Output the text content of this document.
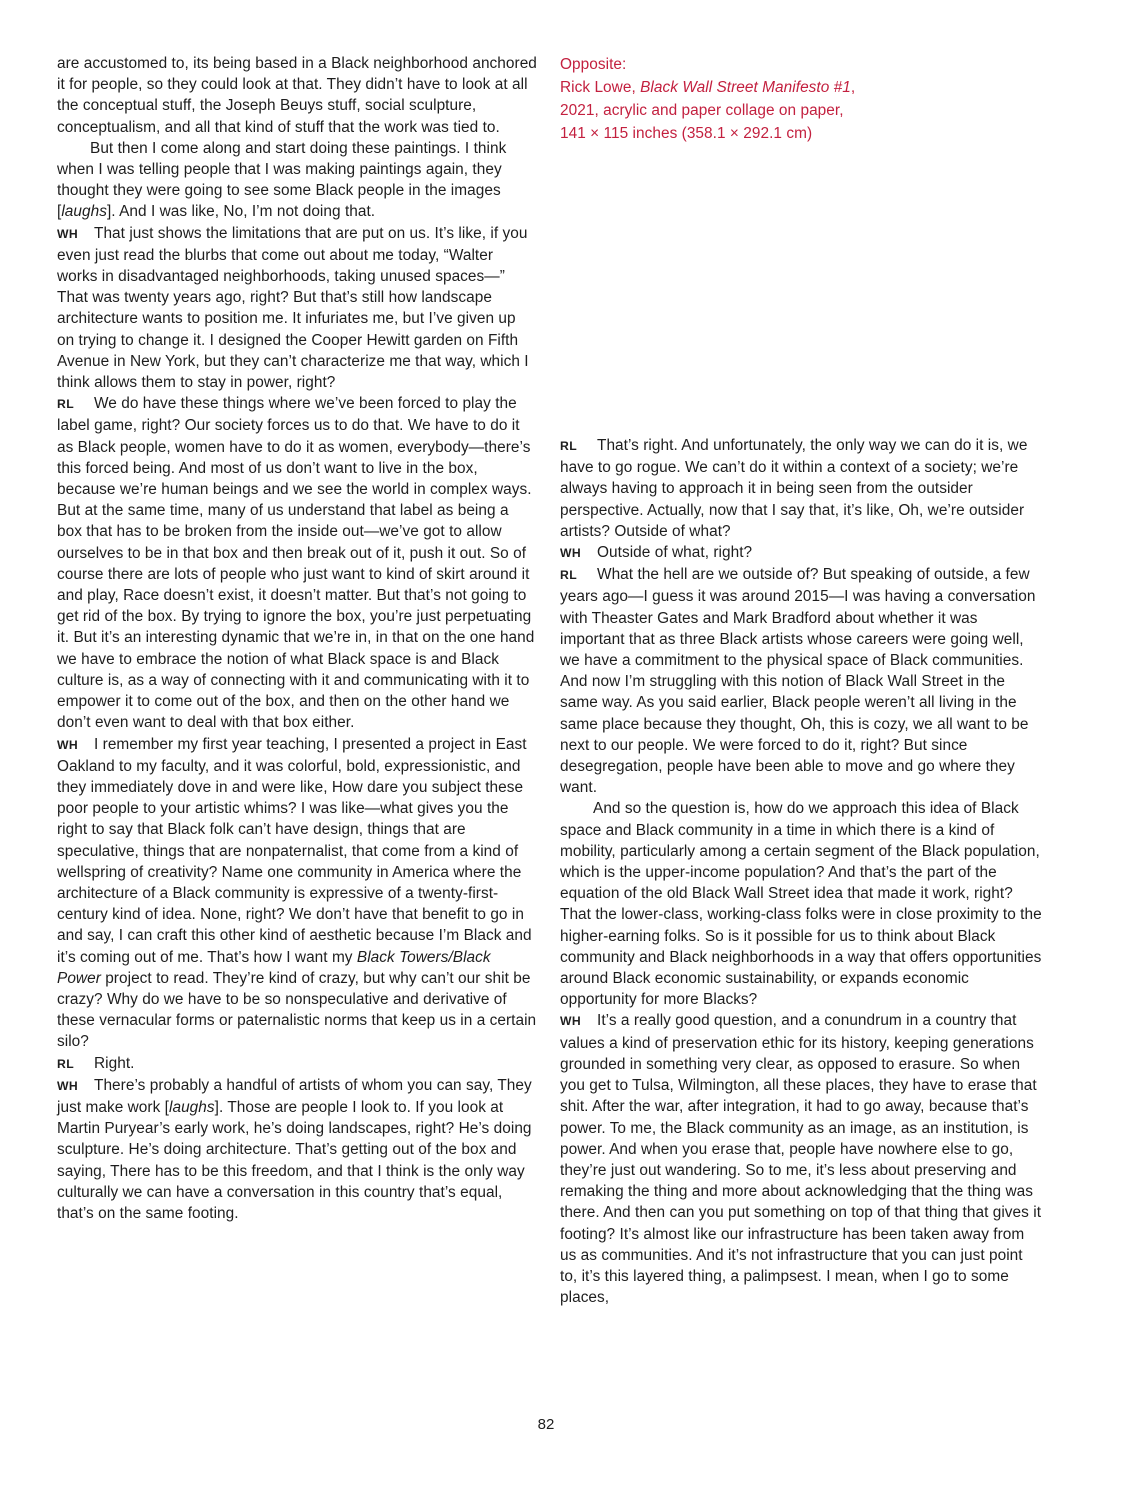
are accustomed to, its being based in a Black neighborhood anchored it for people, so they could look at that. They didn’t have to look at all the conceptual stuff, the Joseph Beuys stuff, social sculpture, conceptualism, and all that kind of stuff that the work was tied to.

But then I come along and start doing these paintings. I think when I was telling people that I was making paintings again, they thought they were going to see some Black people in the images [laughs]. And I was like, No, I’m not doing that.

WH That just shows the limitations that are put on us. It’s like, if you even just read the blurbs that come out about me today, “Walter works in disadvantaged neighborhoods, taking unused spaces—” That was twenty years ago, right? But that’s still how landscape architecture wants to position me. It infuriates me, but I’ve given up on trying to change it. I designed the Cooper Hewitt garden on Fifth Avenue in New York, but they can’t characterize me that way, which I think allows them to stay in power, right?

RL We do have these things where we’ve been forced to play the label game, right? Our society forces us to do that. We have to do it as Black people, women have to do it as women, everybody—there’s this forced being. And most of us don’t want to live in the box, because we’re human beings and we see the world in complex ways. But at the same time, many of us understand that label as being a box that has to be broken from the inside out—we’ve got to allow ourselves to be in that box and then break out of it, push it out. So of course there are lots of people who just want to kind of skirt around it and play, Race doesn’t exist, it doesn’t matter. But that’s not going to get rid of the box. By trying to ignore the box, you’re just perpetuating it. But it’s an interesting dynamic that we’re in, in that on the one hand we have to embrace the notion of what Black space is and Black culture is, as a way of connecting with it and communicating with it to empower it to come out of the box, and then on the other hand we don’t even want to deal with that box either.

WH I remember my first year teaching, I presented a project in East Oakland to my faculty, and it was colorful, bold, expressionistic, and they immediately dove in and were like, How dare you subject these poor people to your artistic whims? I was like—what gives you the right to say that Black folk can’t have design, things that are speculative, things that are nonpaternalist, that come from a kind of wellspring of creativity? Name one community in America where the architecture of a Black community is expressive of a twenty-first-century kind of idea. None, right? We don’t have that benefit to go in and say, I can craft this other kind of aesthetic because I’m Black and it’s coming out of me. That’s how I want my Black Towers/Black Power project to read. They’re kind of crazy, but why can’t our shit be crazy? Why do we have to be so nonspeculative and derivative of these vernacular forms or paternalistic norms that keep us in a certain silo?

RL Right.

WH There’s probably a handful of artists of whom you can say, They just make work [laughs]. Those are people I look to. If you look at Martin Puryear’s early work, he’s doing landscapes, right? He’s doing sculpture. He’s doing architecture. That’s getting out of the box and saying, There has to be this freedom, and that I think is the only way culturally we can have a conversation in this country that’s equal, that’s on the same footing.

Opposite:

Rick Lowe, Black Wall Street Manifesto #1,

2021, acrylic and paper collage on paper,

141 × 115 inches (358.1 × 292.1 cm)

RL That’s right. And unfortunately, the only way we can do it is, we have to go rogue. We can’t do it within a context of a society; we’re always having to approach it in being seen from the outsider perspective. Actually, now that I say that, it’s like, Oh, we’re outsider artists? Outside of what?

WH Outside of what, right?

RL What the hell are we outside of? But speaking of outside, a few years ago—I guess it was around 2015—I was having a conversation with Theaster Gates and Mark Bradford about whether it was important that as three Black artists whose careers were going well, we have a commitment to the physical space of Black communities. And now I’m struggling with this notion of Black Wall Street in the same way. As you said earlier, Black people weren’t all living in the same place because they thought, Oh, this is cozy, we all want to be next to our people. We were forced to do it, right? But since desegregation, people have been able to move and go where they want.

And so the question is, how do we approach this idea of Black space and Black community in a time in which there is a kind of mobility, particularly among a certain segment of the Black population, which is the upper-income population? And that’s the part of the equation of the old Black Wall Street idea that made it work, right? That the lower-class, working-class folks were in close proximity to the higher-earning folks. So is it possible for us to think about Black community and Black neighborhoods in a way that offers opportunities around Black economic sustainability, or expands economic opportunity for more Blacks?

WH It’s a really good question, and a conundrum in a country that values a kind of preservation ethic for its history, keeping generations grounded in something very clear, as opposed to erasure. So when you get to Tulsa, Wilmington, all these places, they have to erase that shit. After the war, after integration, it had to go away, because that’s power. To me, the Black community as an image, as an institution, is power. And when you erase that, people have nowhere else to go, they’re just out wandering. So to me, it’s less about preserving and remaking the thing and more about acknowledging that the thing was there. And then can you put something on top of that thing that gives it footing? It’s almost like our infrastructure has been taken away from us as communities. And it’s not infrastructure that you can just point to, it’s this layered thing, a palimpsest. I mean, when I go to some places,

82
